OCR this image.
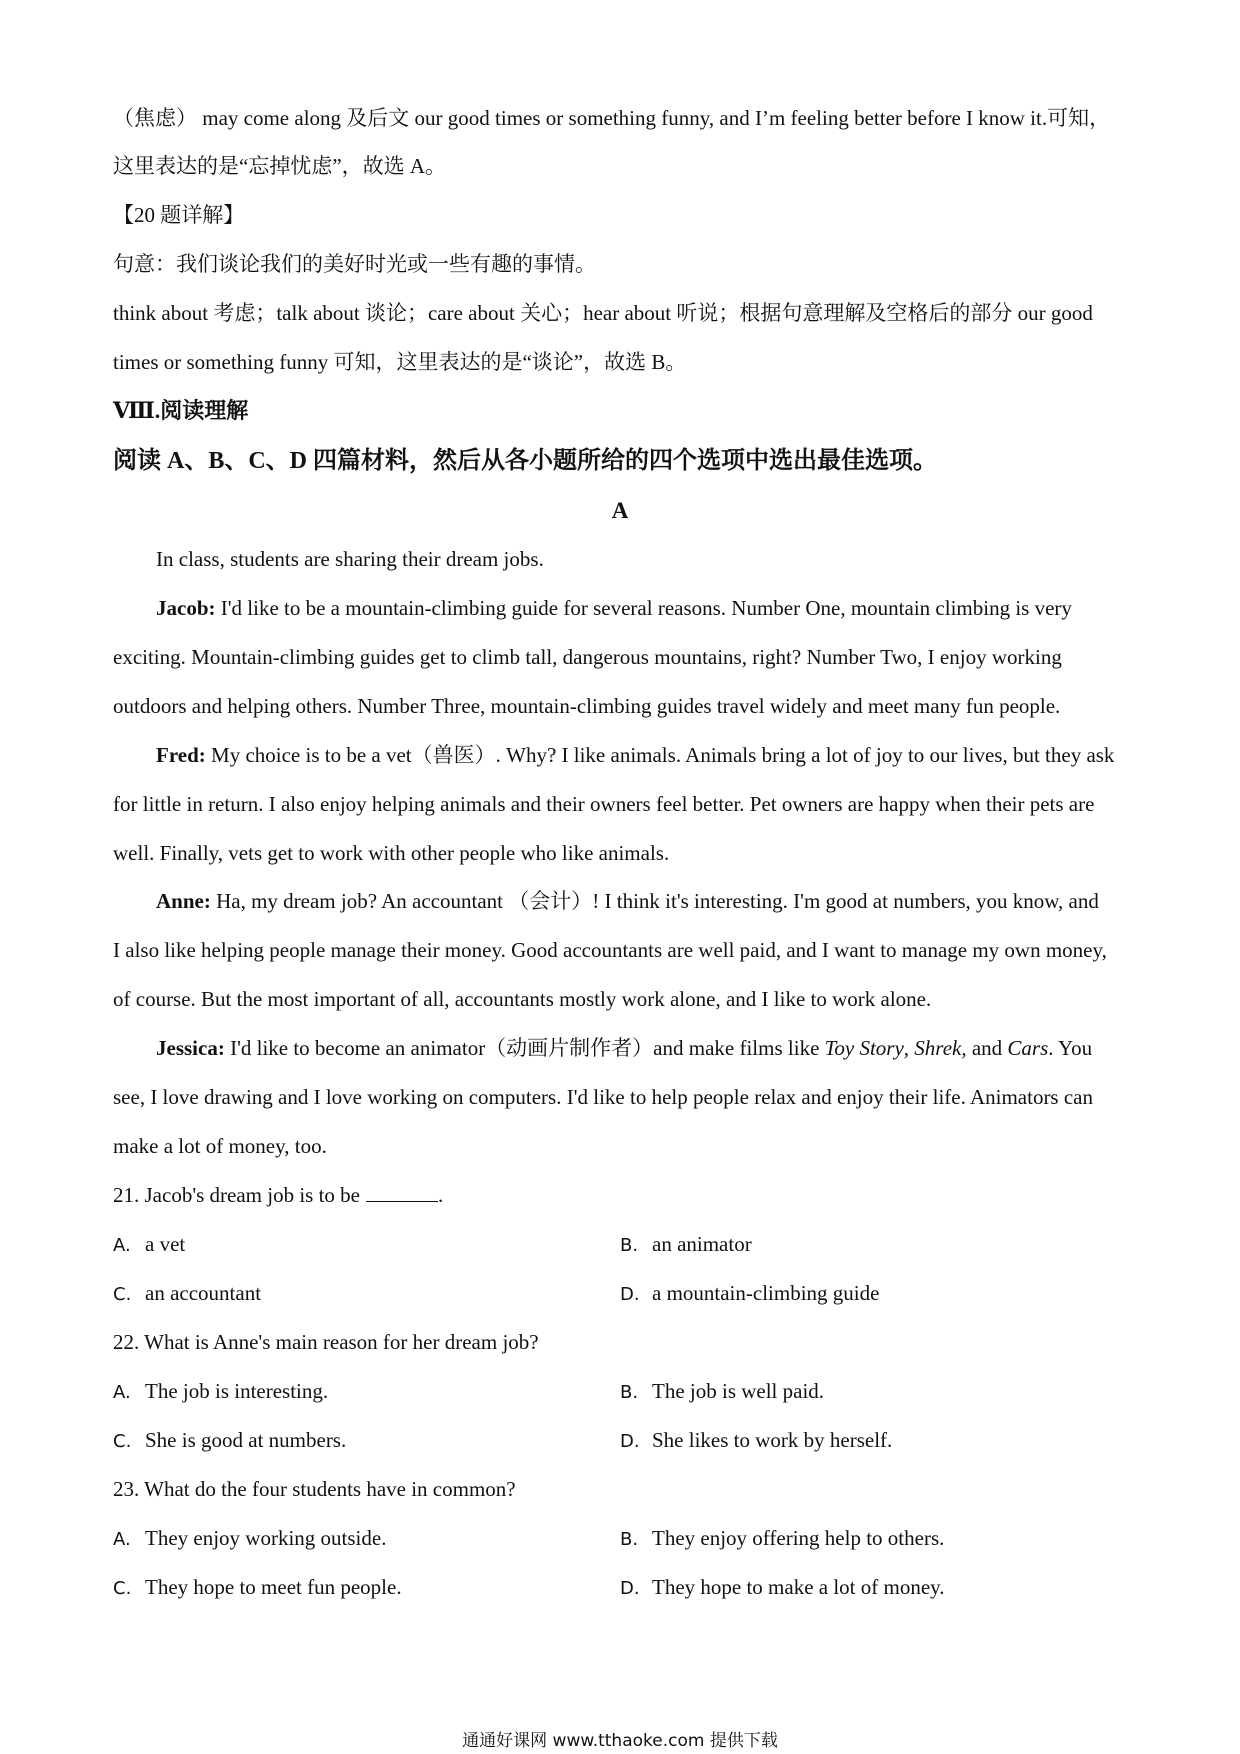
（焦虑） may come along 及后文 our good times or something funny, and I’m feeling better before I know it.可知，
这里表达的是“忘掉忧虑”，故选 A。
【20 题详解】
句意：我们谈论我们的美好时光或一些有趣的事情。
think about 考虑；talk about 谈论；care about 关心；hear about 听说；根据句意理解及空格后的部分 our good
times or something funny 可知，这里表达的是“谈论”，故选 B。
Ⅷ.阅读理解
阅读 A、B、C、D 四篇材料，然后从各小题所给的四个选项中选出最佳选项。
A
In class, students are sharing their dream jobs.
Jacob: I'd like to be a mountain-climbing guide for several reasons. Number One, mountain climbing is very
exciting. Mountain-climbing guides get to climb tall, dangerous mountains, right? Number Two, I enjoy working
outdoors and helping others. Number Three, mountain-climbing guides travel widely and meet many fun people.
Fred: My choice is to be a vet（兽医）. Why? I like animals. Animals bring a lot of joy to our lives, but they ask
for little in return. I also enjoy helping animals and their owners feel better. Pet owners are happy when their pets are
well. Finally, vets get to work with other people who like animals.
Anne: Ha, my dream job? An accountant （会计）! I think it's interesting. I'm good at numbers, you know, and
I also like helping people manage their money. Good accountants are well paid, and I want to manage my own money,
of course. But the most important of all, accountants mostly work alone, and I like to work alone.
Jessica: I'd like to become an animator（动画片制作者）and make films like Toy Story, Shrek, and Cars. You
see, I love drawing and I love working on computers. I'd like to help people relax and enjoy their life. Animators can
make a lot of money, too.
21. Jacob's dream job is to be	.
A. a vet	B. an animator
C. an accountant	D. a mountain-climbing guide
22. What is Anne's main reason for her dream job?
A. The job is interesting.	B. The job is well paid.
C. She is good at numbers.	D. She likes to work by herself.
23. What do the four students have in common?
A. They enjoy working outside.	B. They enjoy offering help to others.
C. They hope to meet fun people.	D. They hope to make a lot of money.
通通好课网 www.tthaoke.com 提供下载
